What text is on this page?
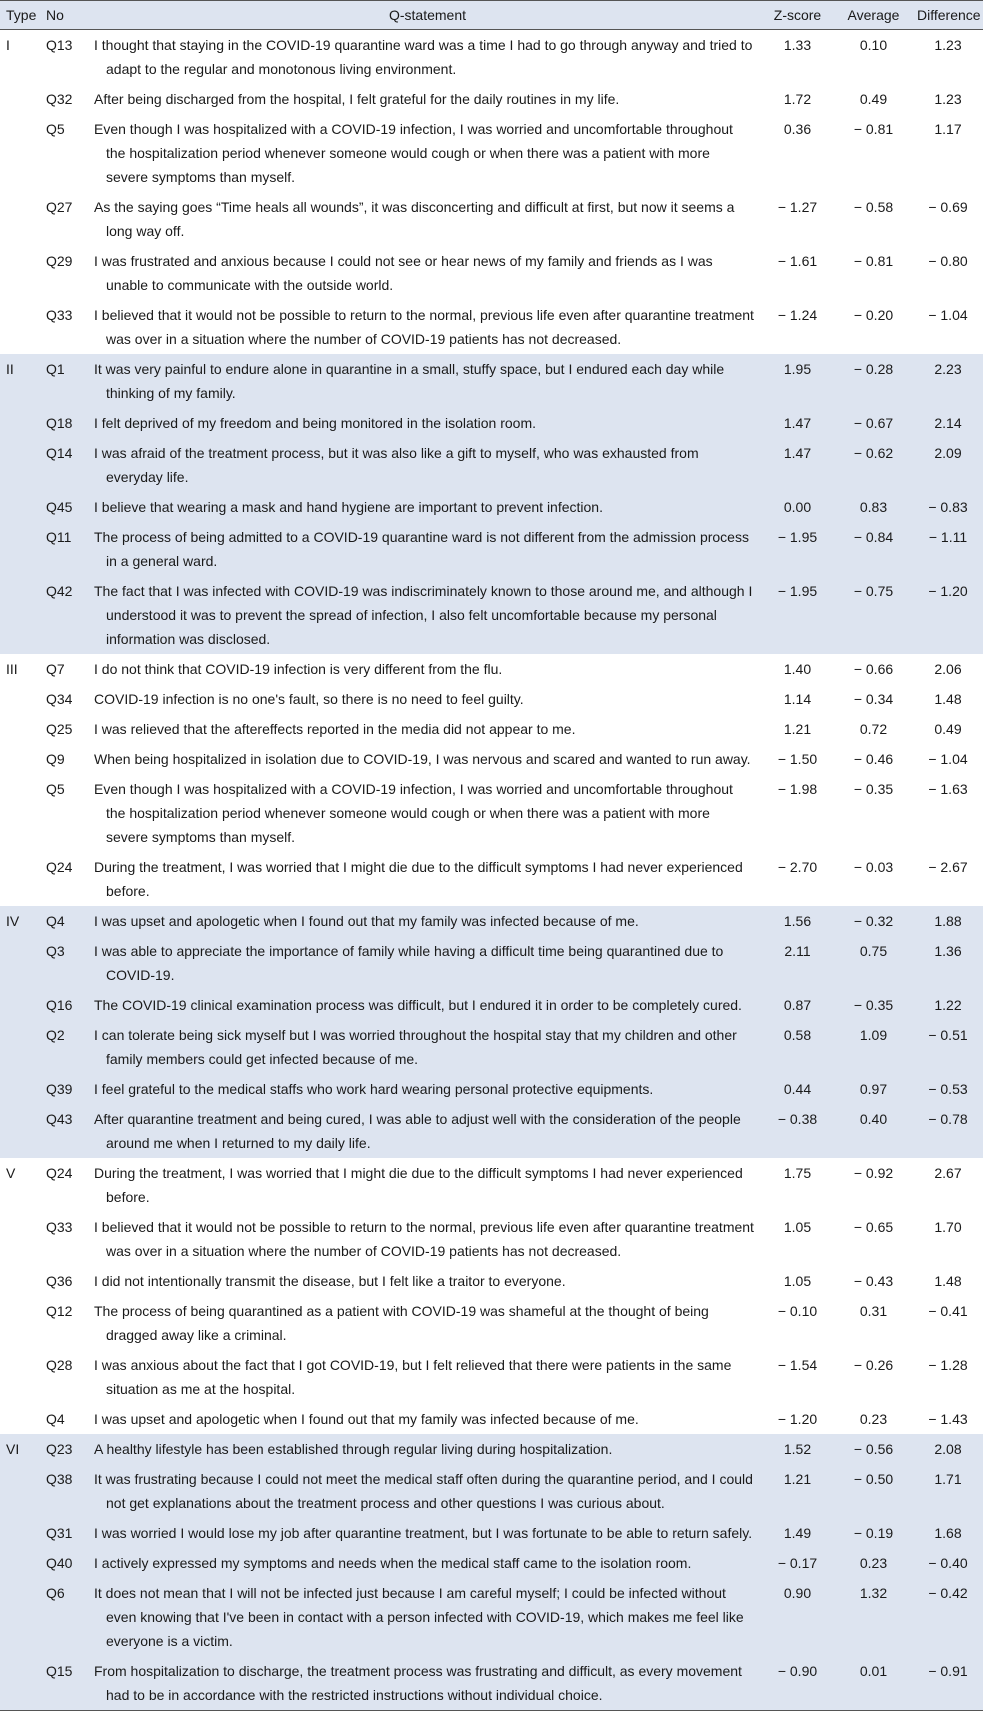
Type	No	Q-statement	Z-score	Average	Difference
I	Q13	I thought that staying in the COVID-19 quarantine ward was a time I had to go through anyway and tried to adapt to the regular and monotonous living environment.	1.33	0.10	1.23
	Q32	After being discharged from the hospital, I felt grateful for the daily routines in my life.	1.72	0.49	1.23
	Q5	Even though I was hospitalized with a COVID-19 infection, I was worried and uncomfortable throughout the hospitalization period whenever someone would cough or when there was a patient with more severe symptoms than myself.	0.36	− 0.81	1.17
	Q27	As the saying goes “Time heals all wounds”, it was disconcerting and difficult at first, but now it seems a long way off.	− 1.27	− 0.58	− 0.69
	Q29	I was frustrated and anxious because I could not see or hear news of my family and friends as I was unable to communicate with the outside world.	− 1.61	− 0.81	− 0.80
	Q33	I believed that it would not be possible to return to the normal, previous life even after quarantine treatment was over in a situation where the number of COVID-19 patients has not decreased.	− 1.24	− 0.20	− 1.04
II	Q1	It was very painful to endure alone in quarantine in a small, stuffy space, but I endured each day while thinking of my family.	1.95	− 0.28	2.23
	Q18	I felt deprived of my freedom and being monitored in the isolation room.	1.47	− 0.67	2.14
	Q14	I was afraid of the treatment process, but it was also like a gift to myself, who was exhausted from everyday life.	1.47	− 0.62	2.09
	Q45	I believe that wearing a mask and hand hygiene are important to prevent infection.	0.00	0.83	− 0.83
	Q11	The process of being admitted to a COVID-19 quarantine ward is not different from the admission process in a general ward.	− 1.95	− 0.84	− 1.11
	Q42	The fact that I was infected with COVID-19 was indiscriminately known to those around me, and although I understood it was to prevent the spread of infection, I also felt uncomfortable because my personal information was disclosed.	− 1.95	− 0.75	− 1.20
III	Q7	I do not think that COVID-19 infection is very different from the flu.	1.40	− 0.66	2.06
	Q34	COVID-19 infection is no one's fault, so there is no need to feel guilty.	1.14	− 0.34	1.48
	Q25	I was relieved that the aftereffects reported in the media did not appear to me.	1.21	0.72	0.49
	Q9	When being hospitalized in isolation due to COVID-19, I was nervous and scared and wanted to run away.	− 1.50	− 0.46	− 1.04
	Q5	Even though I was hospitalized with a COVID-19 infection, I was worried and uncomfortable throughout the hospitalization period whenever someone would cough or when there was a patient with more severe symptoms than myself.	− 1.98	− 0.35	− 1.63
	Q24	During the treatment, I was worried that I might die due to the difficult symptoms I had never experienced before.	− 2.70	− 0.03	− 2.67
IV	Q4	I was upset and apologetic when I found out that my family was infected because of me.	1.56	− 0.32	1.88
	Q3	I was able to appreciate the importance of family while having a difficult time being quarantined due to COVID-19.	2.11	0.75	1.36
	Q16	The COVID-19 clinical examination process was difficult, but I endured it in order to be completely cured.	0.87	− 0.35	1.22
	Q2	I can tolerate being sick myself but I was worried throughout the hospital stay that my children and other family members could get infected because of me.	0.58	1.09	− 0.51
	Q39	I feel grateful to the medical staffs who work hard wearing personal protective equipments.	0.44	0.97	− 0.53
	Q43	After quarantine treatment and being cured, I was able to adjust well with the consideration of the people around me when I returned to my daily life.	− 0.38	0.40	− 0.78
V	Q24	During the treatment, I was worried that I might die due to the difficult symptoms I had never experienced before.	1.75	− 0.92	2.67
	Q33	I believed that it would not be possible to return to the normal, previous life even after quarantine treatment was over in a situation where the number of COVID-19 patients has not decreased.	1.05	− 0.65	1.70
	Q36	I did not intentionally transmit the disease, but I felt like a traitor to everyone.	1.05	− 0.43	1.48
	Q12	The process of being quarantined as a patient with COVID-19 was shameful at the thought of being dragged away like a criminal.	− 0.10	0.31	− 0.41
	Q28	I was anxious about the fact that I got COVID-19, but I felt relieved that there were patients in the same situation as me at the hospital.	− 1.54	− 0.26	− 1.28
	Q4	I was upset and apologetic when I found out that my family was infected because of me.	− 1.20	0.23	− 1.43
VI	Q23	A healthy lifestyle has been established through regular living during hospitalization.	1.52	− 0.56	2.08
	Q38	It was frustrating because I could not meet the medical staff often during the quarantine period, and I could not get explanations about the treatment process and other questions I was curious about.	1.21	− 0.50	1.71
	Q31	I was worried I would lose my job after quarantine treatment, but I was fortunate to be able to return safely.	1.49	− 0.19	1.68
	Q40	I actively expressed my symptoms and needs when the medical staff came to the isolation room.	− 0.17	0.23	− 0.40
	Q6	It does not mean that I will not be infected just because I am careful myself; I could be infected without even knowing that I've been in contact with a person infected with COVID-19, which makes me feel like everyone is a victim.	0.90	1.32	− 0.42
	Q15	From hospitalization to discharge, the treatment process was frustrating and difficult, as every movement had to be in accordance with the restricted instructions without individual choice.	− 0.90	0.01	− 0.91
